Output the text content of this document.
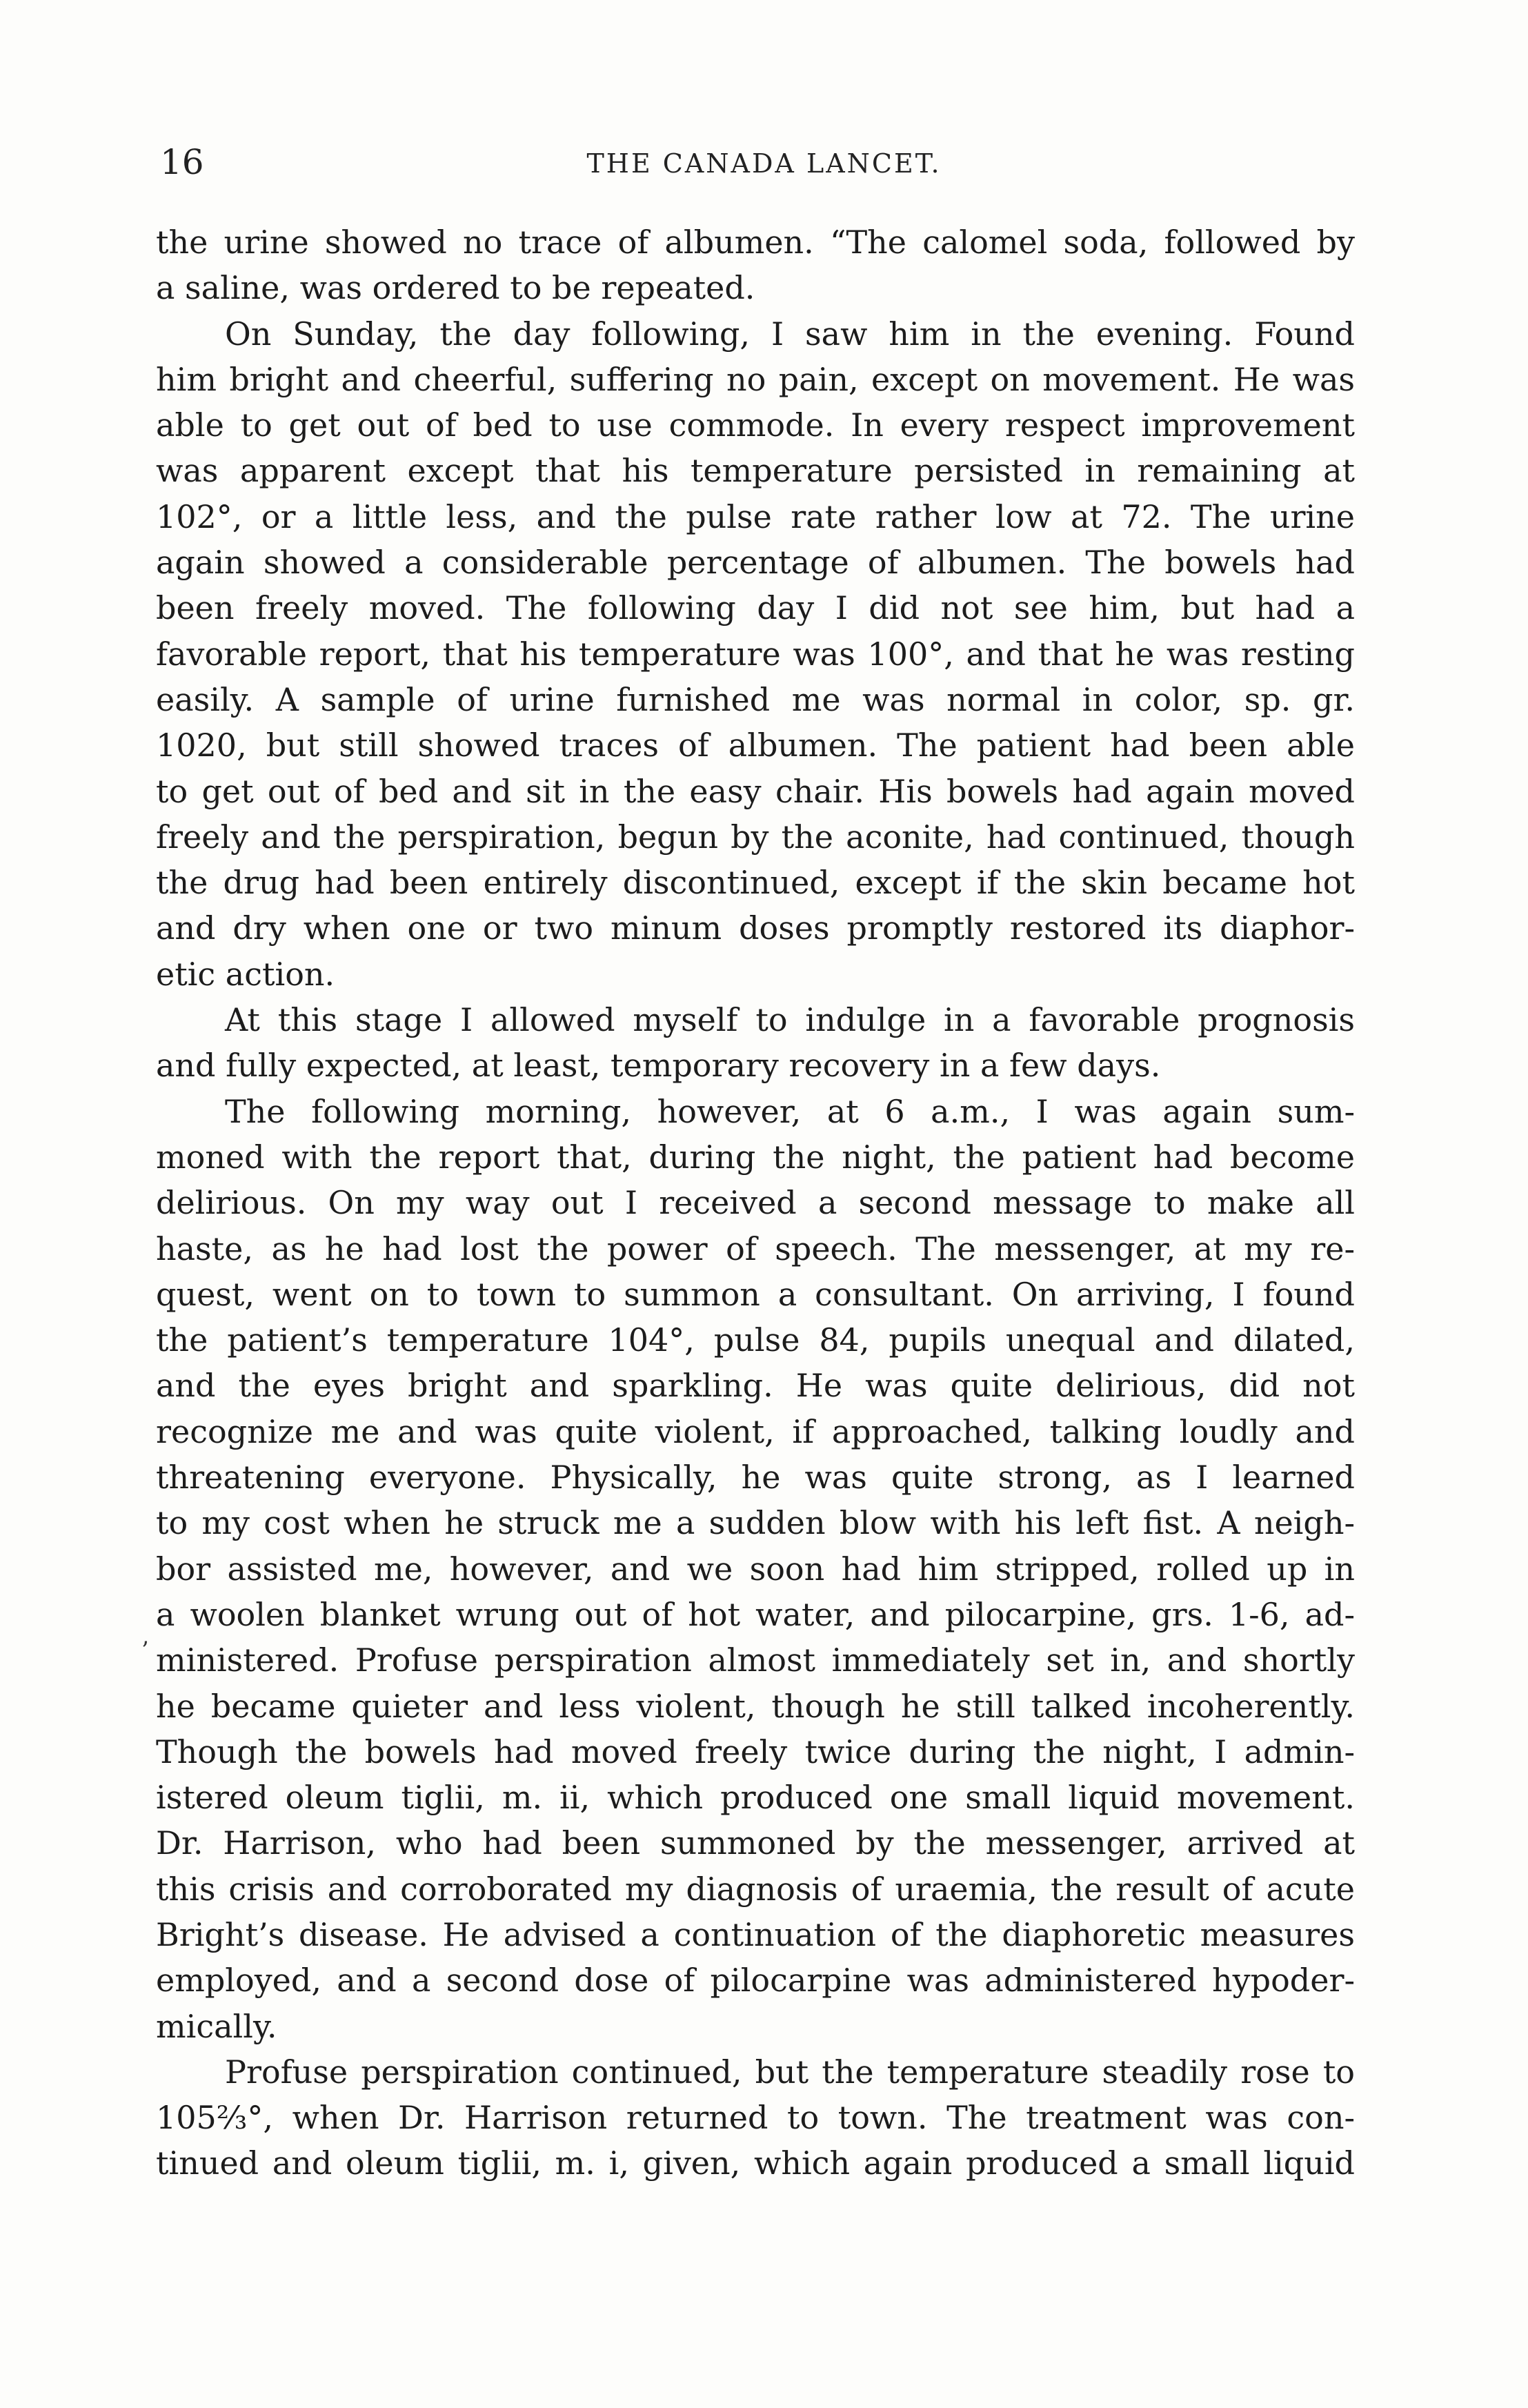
16	THE CANADA LANCET.
’
the urine showed no trace of albumen. “The calomel soda, followed by
a saline, was ordered to be repeated.
On Sunday, the day following, I saw him in the evening. Found
him bright and cheerful, suffering no pain, except on movement. He was
able to get out of bed to use commode. In every respect improvement
was apparent except that his temperature persisted in remaining at
102°, or a little less, and the pulse rate rather low at 72. The urine
again showed a considerable percentage of albumen. The bowels had
been freely moved. The following day I did not see him, but had a
favorable report, that his temperature was 100°, and that he was resting
easily. A sample of urine furnished me was normal in color, sp. gr.
1020, but still showed traces of albumen. The patient had been able
to get out of bed and sit in the easy chair. His bowels had again moved
freely and the perspiration, begun by the aconite, had continued, though
the drug had been entirely discontinued, except if the skin became hot
and dry when one or two minum doses promptly restored its diaphor-
etic action.
At this stage I allowed myself to indulge in a favorable prognosis
and fully expected, at least, temporary recovery in a few days.
The following morning, however, at 6 a.m., I was again sum-
moned with the report that, during the night, the patient had become
delirious. On my way out I received a second message to make all
haste, as he had lost the power of speech. The messenger, at my re-
quest, went on to town to summon a consultant. On arriving, I found
the patient’s temperature 104°, pulse 84, pupils unequal and dilated,
and the eyes bright and sparkling. He was quite delirious, did not
recognize me and was quite violent, if approached, talking loudly and
threatening everyone. Physically, he was quite strong, as I learned
to my cost when he struck me a sudden blow with his left fist. A neigh-
bor assisted me, however, and we soon had him stripped, rolled up in
a woolen blanket wrung out of hot water, and pilocarpine, grs. 1-6, ad-
ministered. Profuse perspiration almost immediately set in, and shortly
he became quieter and less violent, though he still talked incoherently.
Though the bowels had moved freely twice during the night, I admin-
istered oleum tiglii, m. ii, which produced one small liquid movement.
Dr. Harrison, who had been summoned by the messenger, arrived at
this crisis and corroborated my diagnosis of uraemia, the result of acute
Bright’s disease. He advised a continuation of the diaphoretic measures
employed, and a second dose of pilocarpine was administered hypoder-
mically.
Profuse perspiration continued, but the temperature steadily rose to
105⅔°, when Dr. Harrison returned to town. The treatment was con-
tinued and oleum tiglii, m. i, given, which again produced a small liquid
